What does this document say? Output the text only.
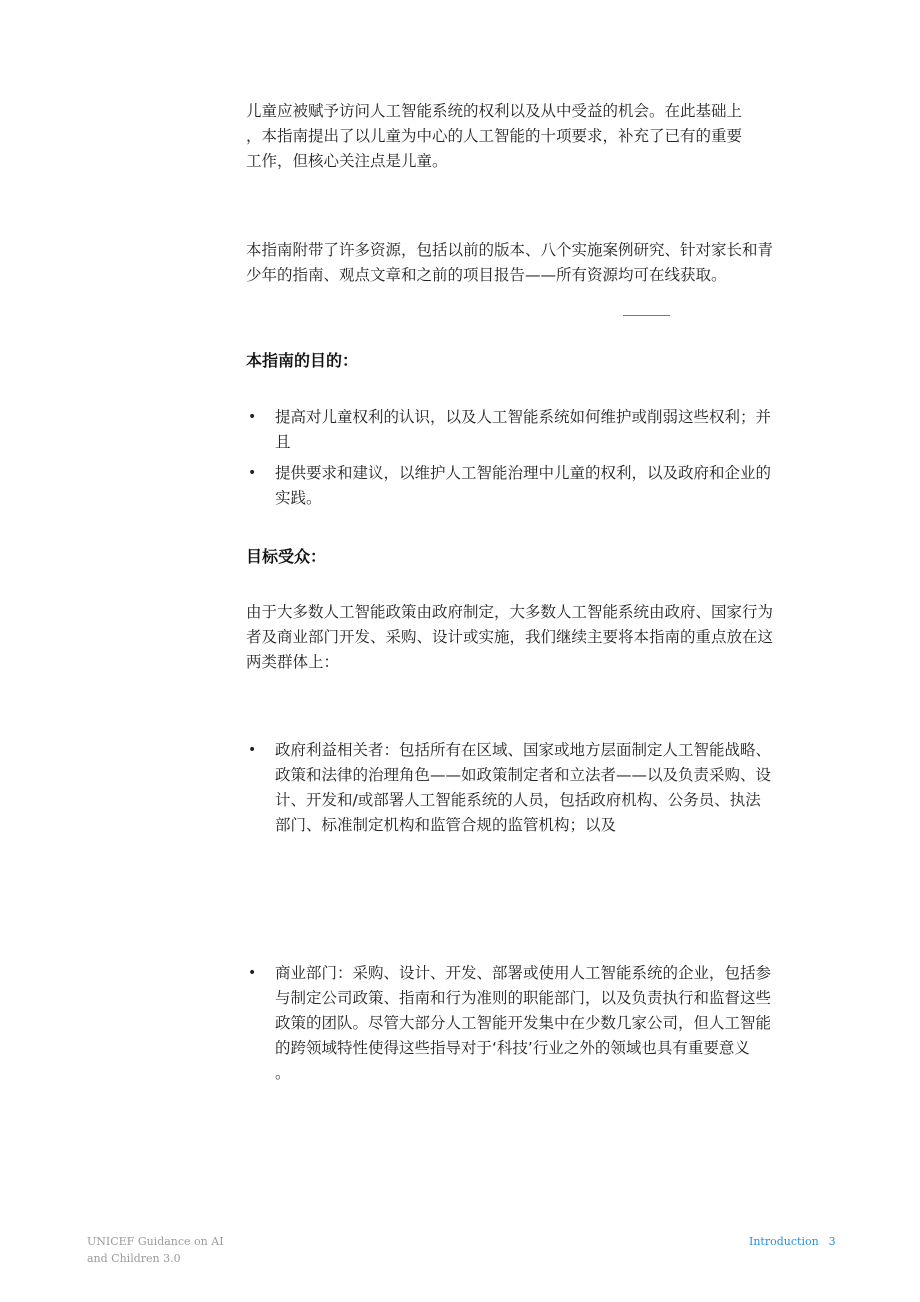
儿童应被赋予访问人工智能系统的权利以及从中受益的机会。在此基础上
，本指南提出了以儿童为中心的人工智能的十项要求，补充了已有的重要
工作，但核心关注点是儿童。
本指南附带了许多资源，包括以前的版本、八个实施案例研究、针对家长和青
少年的指南、观点文章和之前的项目报告——所有资源均可在线获取。
本指南的目的：
• 提高对儿童权利的认识，以及人工智能系统如何维护或削弱这些权利；并
且
• 提供要求和建议，以维护人工智能治理中儿童的权利，以及政府和企业的
实践。
目标受众：
由于大多数人工智能政策由政府制定，大多数人工智能系统由政府、国家行为
者及商业部门开发、采购、设计或实施，我们继续主要将本指南的重点放在这
两类群体上：
• 政府利益相关者：包括所有在区域、国家或地方层面制定人工智能战略、
政策和法律的治理角色——如政策制定者和立法者——以及负责采购、设
计、开发和/或部署人工智能系统的人员，包括政府机构、公务员、执法
部门、标准制定机构和监管合规的监管机构；以及
• 商业部门：采购、设计、开发、部署或使用人工智能系统的企业，包括参
与制定公司政策、指南和行为准则的职能部门，以及负责执行和监督这些
政策的团队。尽管大部分人工智能开发集中在少数几家公司，但人工智能
的跨领域特性使得这些指导对于‘科技’行业之外的领域也具有重要意义
。
UNICEF Guidance on AI
and Children 3.0
Introduction 3
